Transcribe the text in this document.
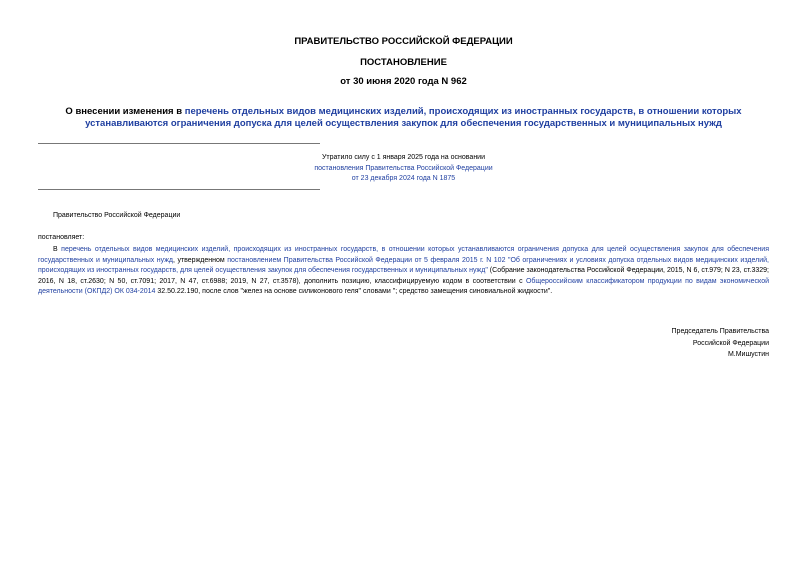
ПРАВИТЕЛЬСТВО РОССИЙСКОЙ ФЕДЕРАЦИИ
ПОСТАНОВЛЕНИЕ
от 30 июня 2020 года N 962
О внесении изменения в перечень отдельных видов медицинских изделий, происходящих из иностранных государств, в отношении которых устанавливаются ограничения допуска для целей осуществления закупок для обеспечения государственных и муниципальных нужд
Утратило силу с 1 января 2025 года на основании
постановления Правительства Российской Федерации
от 23 декабря 2024 года N 1875
Правительство Российской Федерации
постановляет:
В перечень отдельных видов медицинских изделий, происходящих из иностранных государств, в отношении которых устанавливаются ограничения допуска для целей осуществления закупок для обеспечения государственных и муниципальных нужд, утвержденном постановлением Правительства Российской Федерации от 5 февраля 2015 г. N 102 "Об ограничениях и условиях допуска отдельных видов медицинских изделий, происходящих из иностранных государств, для целей осуществления закупок для обеспечения государственных и муниципальных нужд" (Собрание законодательства Российской Федерации, 2015, N 6, ст.979; N 23, ст.3329; 2016, N 18, ст.2630; N 50, ст.7091; 2017, N 47, ст.6988; 2019, N 27, ст.3578), дополнить позицию, классифицируемую кодом в соответствии с Общероссийским классификатором продукции по видам экономической деятельности (ОКПД2) ОК 034-2014 32.50.22.190, после слов "желез на основе силиконового геля" словами "; средство замещения синовиальной жидкости".
Председатель Правительства
Российской Федерации
М.Мишустин
